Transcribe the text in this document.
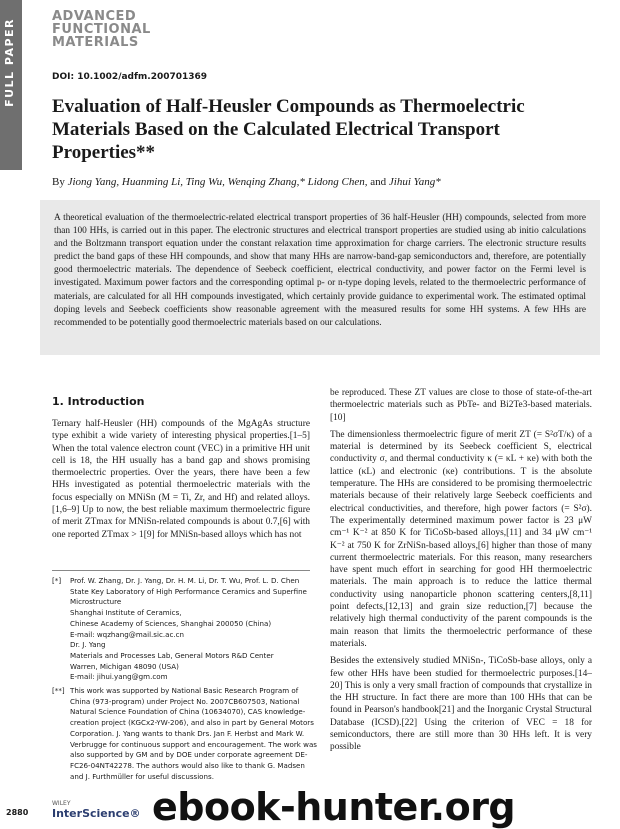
FULL PAPER
ADVANCED
FUNCTIONAL
MATERIALS
DOI: 10.1002/adfm.200701369
Evaluation of Half-Heusler Compounds as Thermoelectric Materials Based on the Calculated Electrical Transport Properties**
By Jiong Yang, Huanming Li, Ting Wu, Wenqing Zhang,* Lidong Chen, and Jihui Yang*

A theoretical evaluation of the thermoelectric-related electrical transport properties of 36 half-Heusler (HH) compounds, selected from more than 100 HHs, is carried out in this paper. The electronic structures and electrical transport properties are studied using ab initio calculations and the Boltzmann transport equation under the constant relaxation time approximation for charge carriers. The electronic structure results predict the band gaps of these HH compounds, and show that many HHs are narrow-band-gap semiconductors and, therefore, are potentially good thermoelectric materials. The dependence of Seebeck coefficient, electrical conductivity, and power factor on the Fermi level is investigated. Maximum power factors and the corresponding optimal p- or n-type doping levels, related to the thermoelectric performance of materials, are calculated for all HH compounds investigated, which certainly provide guidance to experimental work. The estimated optimal doping levels and Seebeck coefficients show reasonable agreement with the measured results for some HH systems. A few HHs are recommended to be potentially good thermoelectric materials based on our calculations.

1. Introduction

Ternary half-Heusler (HH) compounds of the MgAgAs structure type exhibit a wide variety of interesting physical properties.[1–5] When the total valence electron count (VEC) in a primitive HH unit cell is 18, the HH usually has a band gap and shows promising thermoelectric properties. Over the years, there have been a few HHs investigated as potential thermoelectric materials with the focus especially on MNiSn (M = Ti, Zr, and Hf) and related alloys.[1,6–9] Up to now, the best reliable maximum thermoelectric figure of merit ZTmax for MNiSn-related compounds is about 0.7,[6] with one reported ZTmax > 1[9] for MNiSn-based alloys which has not

be reproduced. These ZT values are close to those of state-of-the-art thermoelectric materials such as PbTe- and Bi2Te3-based materials.[10]

The dimensionless thermoelectric figure of merit ZT (= S²σT/κ) of a material is determined by its Seebeck coefficient S, electrical conductivity σ, and thermal conductivity κ (= κL + κe) with both the lattice (κL) and electronic (κe) contributions. T is the absolute temperature. The HHs are considered to be promising thermoelectric materials because of their relatively large Seebeck coefficients and electrical conductivities, and therefore, high power factors (= S²σ). The experimentally determined maximum power factor is 23 μW cm⁻¹ K⁻² at 850 K for TiCoSb-based alloys,[11] and 34 μW cm⁻¹ K⁻² at 750 K for ZrNiSn-based alloys,[6] higher than those of many current thermoelectric materials. For this reason, many researchers have spent much effort in searching for good HH thermoelectric materials. The main approach is to reduce the lattice thermal conductivity using nanoparticle phonon scattering centers,[8,11] point defects,[12,13] and grain size reduction,[7] because the relatively high thermal conductivity of the parent compounds is the main reason that limits the thermoelectric performance of these materials.

Besides the extensively studied MNiSn-, TiCoSb-base alloys, only a few other HHs have been studied for thermoelectric purposes.[14–20] This is only a very small fraction of compounds that crystallize in the HH structure. In fact there are more than 100 HHs that can be found in Pearson's handbook[21] and the Inorganic Crystal Structural Database (ICSD).[22] Using the criterion of VEC = 18 for semiconductors, there are still more than 30 HHs left. It is very possible

[*]	Prof. W. Zhang, Dr. J. Yang, Dr. H. M. Li, Dr. T. Wu, Prof. L. D. Chen
State Key Laboratory of High Performance Ceramics and Superfine
Microstructure
Shanghai Institute of Ceramics,
Chinese Academy of Sciences, Shanghai 200050 (China)
E-mail: wqzhang@mail.sic.ac.cn
Dr. J. Yang
Materials and Processes Lab, General Motors R&D Center
Warren, Michigan 48090 (USA)
E-mail: jihui.yang@gm.com
[**] This work was supported by National Basic Research Program of
China (973-program) under Project No. 2007CB607503, National
Natural Science Foundation of China (10634070), CAS knowledge-
creation project (KGCx2-YW-206), and also in part by General Motors
Corporation. J. Yang wants to thank Drs. Jan F. Herbst and Mark W.
Verbrugge for continuous support and encouragement. The work was
also supported by GM and by DOE under corporate agreement DE-
FC26-04NT42278. The authors would also like to thank G. Madsen
and J. Furthmüller for useful discussions.
2880
WILEY
InterScience® ebook-hunter.org
